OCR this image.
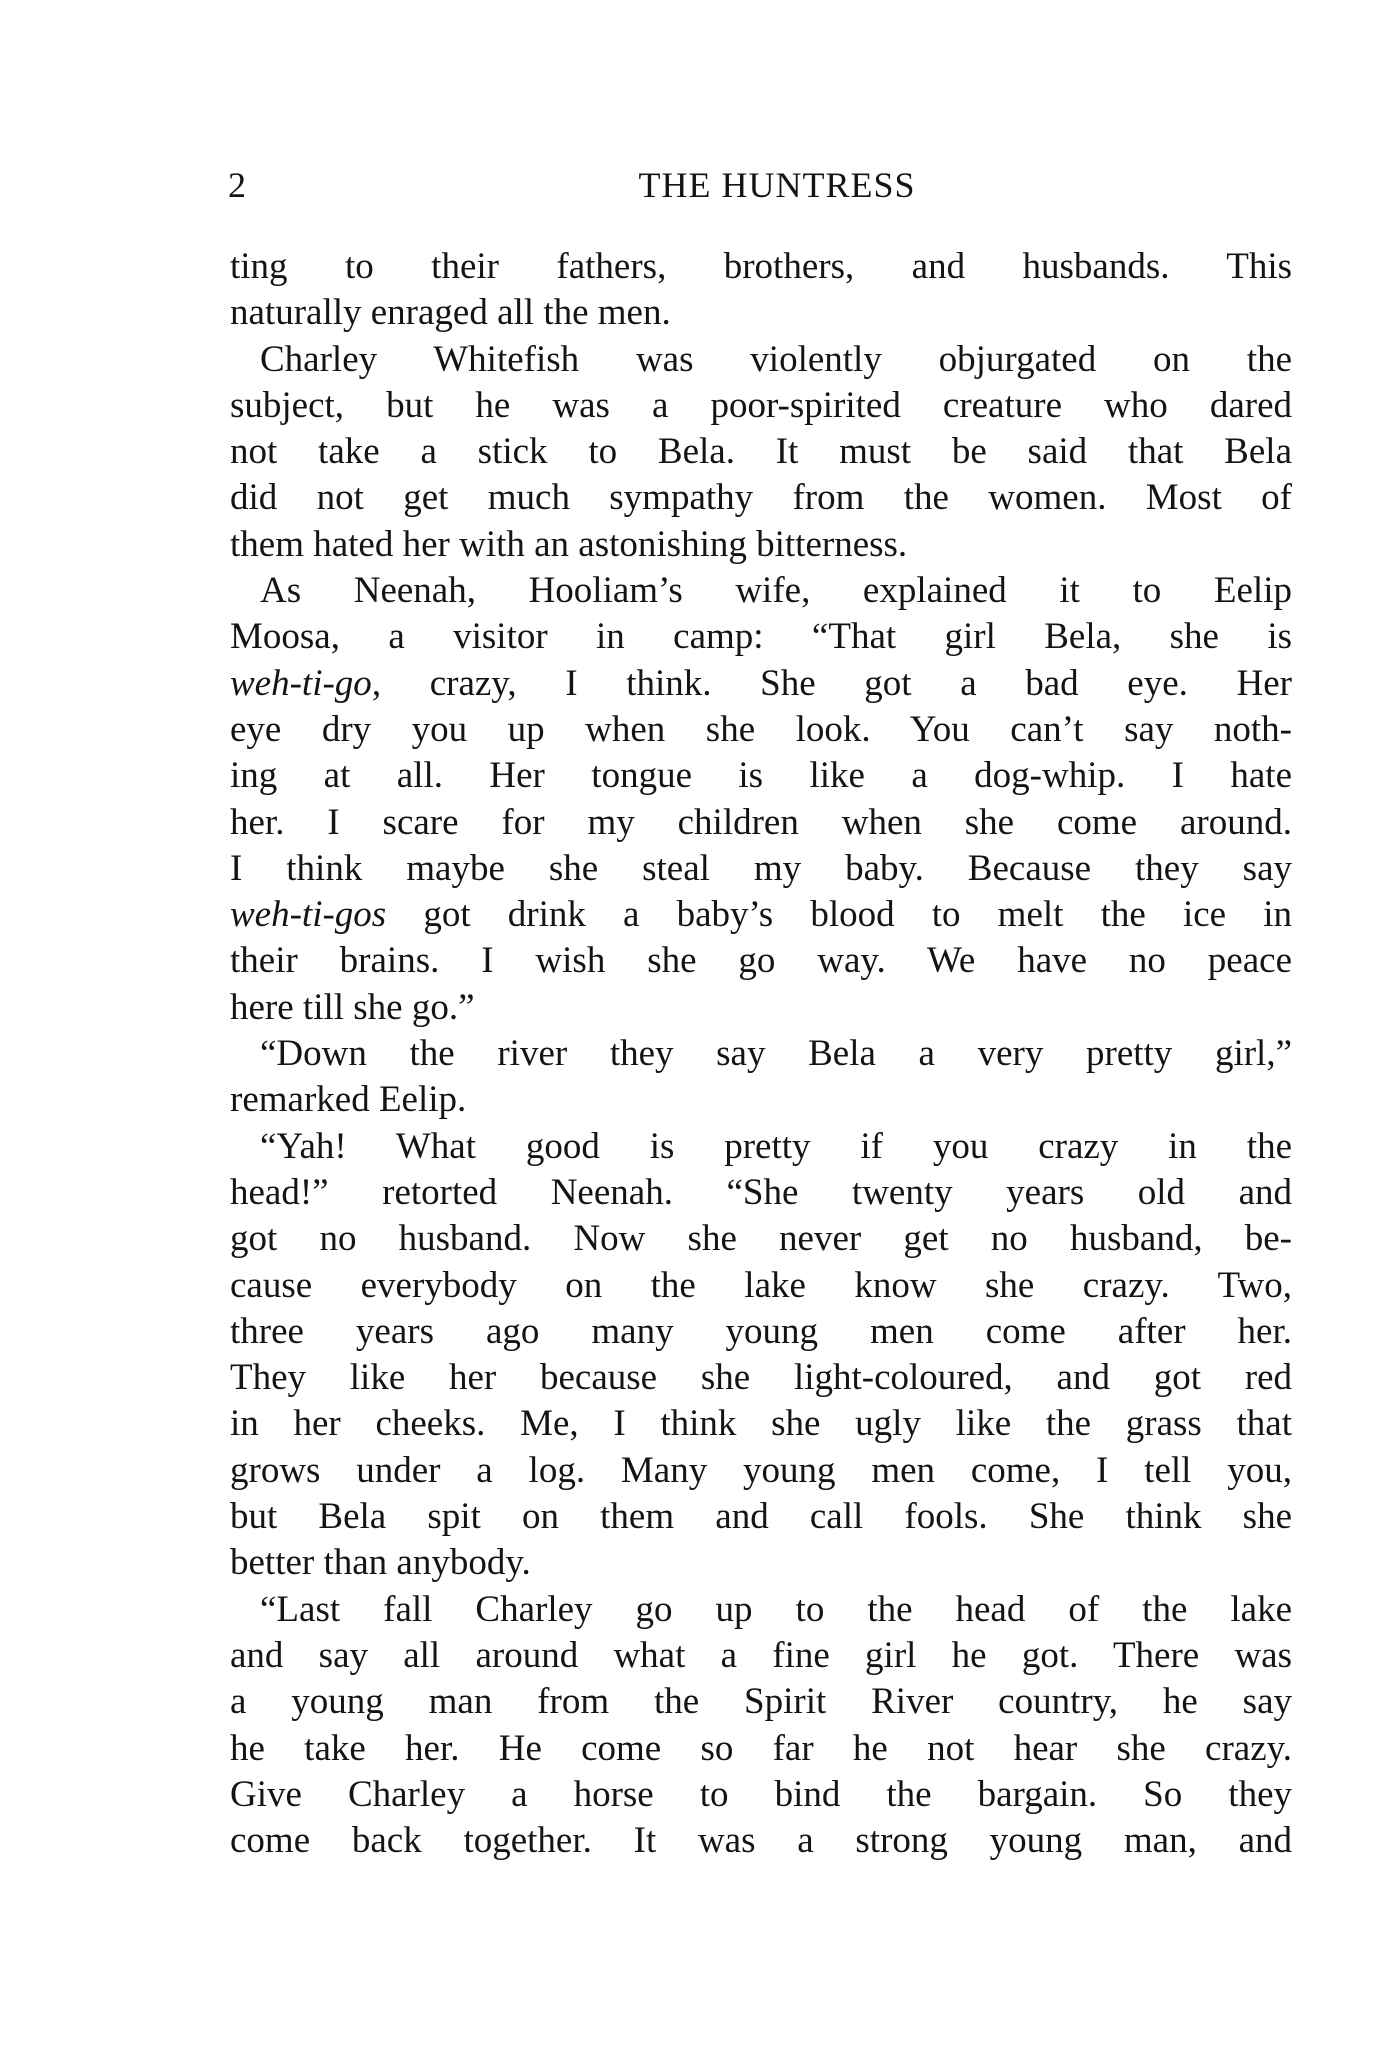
2	THE HUNTRESS
ting to their fathers, brothers, and husbands. This
naturally enraged all the men.
Charley Whitefish was violently objurgated on the
subject, but he was a poor-spirited creature who dared
not take a stick to Bela. It must be said that Bela
did not get much sympathy from the women. Most of
them hated her with an astonishing bitterness.
As Neenah, Hooliam’s wife, explained it to Eelip
Moosa, a visitor in camp: “That girl Bela, she is
weh-ti-go, crazy, I think. She got a bad eye. Her
eye dry you up when she look. You can’t say noth-
ing at all. Her tongue is like a dog-whip. I hate
her. I scare for my children when she come around.
I think maybe she steal my baby. Because they say
weh-ti-gos got drink a baby’s blood to melt the ice in
their brains. I wish she go way. We have no peace
here till she go.”
“Down the river they say Bela a very pretty girl,”
remarked Eelip.
“Yah! What good is pretty if you crazy in the
head!” retorted Neenah. “She twenty years old and
got no husband. Now she never get no husband, be-
cause everybody on the lake know she crazy. Two,
three years ago many young men come after her.
They like her because she light-coloured, and got red
in her cheeks. Me, I think she ugly like the grass that
grows under a log. Many young men come, I tell you,
but Bela spit on them and call fools. She think she
better than anybody.
“Last fall Charley go up to the head of the lake
and say all around what a fine girl he got. There was
a young man from the Spirit River country, he say
he take her. He come so far he not hear she crazy.
Give Charley a horse to bind the bargain. So they
come back together. It was a strong young man, and
